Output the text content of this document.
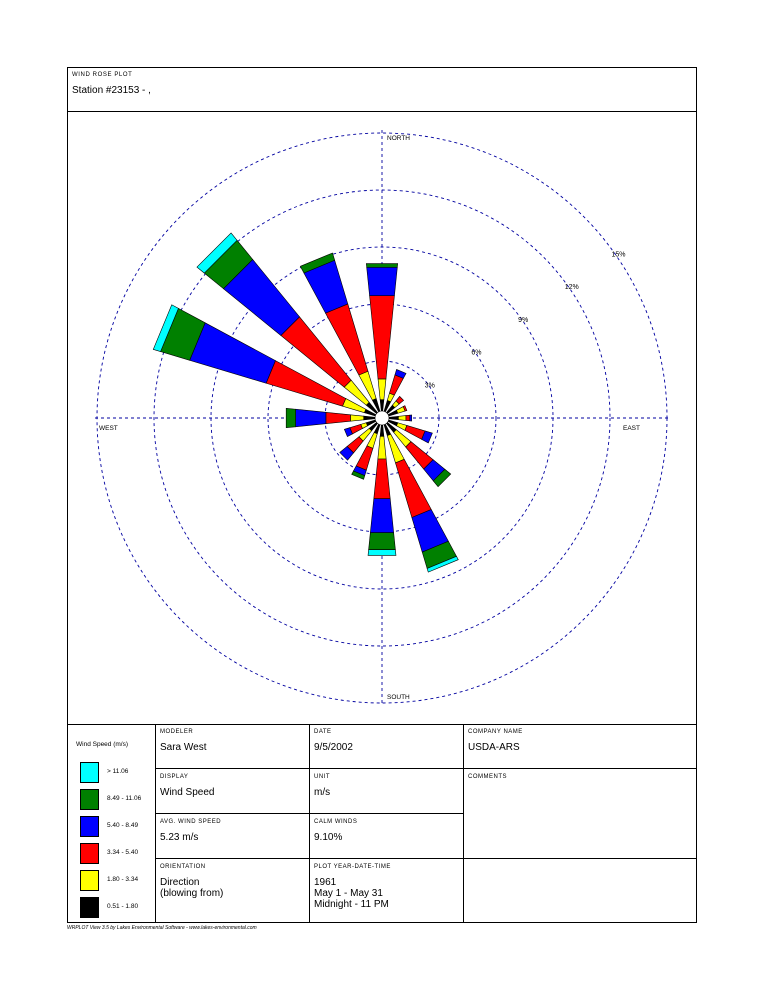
WIND ROSE PLOT
Station #23153 - ,
3%
6%
9%
12%
15%
NORTH
SOUTH
EAST
WEST
Wind Speed (m/s)
> 11.06
8.49 - 11.06
5.40 - 8.49
3.34 - 5.40
1.80 - 3.34
0.51 - 1.80
MODELER
Sara West
DATE
9/5/2002
COMPANY NAME
USDA-ARS
DISPLAY
Wind Speed
UNIT
m/s
COMMENTS
AVG. WIND SPEED
5.23 m/s
CALM WINDS
9.10%
ORIENTATION
Direction
(blowing from)
PLOT YEAR-DATE-TIME
1961
May 1 - May 31
Midnight - 11 PM
WRPLOT View 3.5 by Lakes Environmental Software - www.lakes-environmental.com
